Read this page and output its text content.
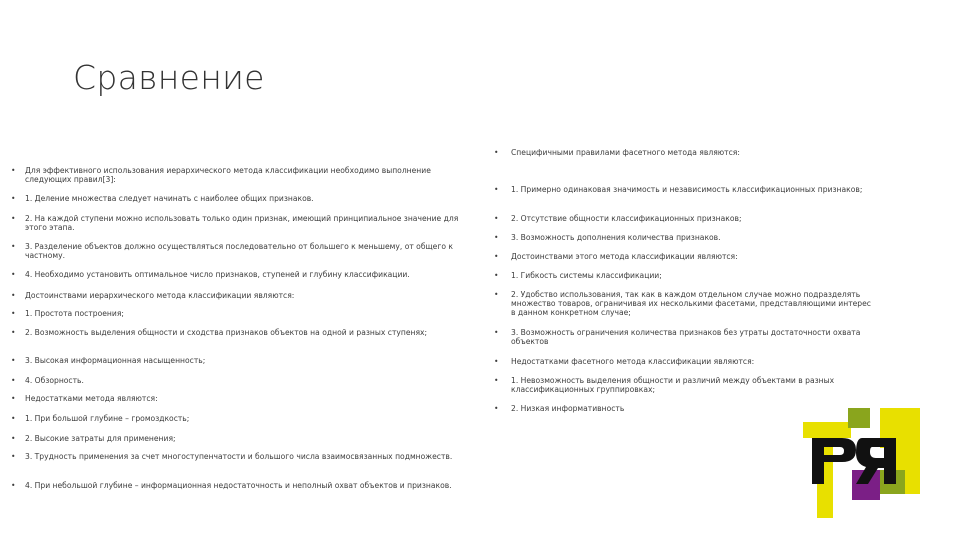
Сравнение
• Для эффективного использования иерархического метода классификации необходимо выполнение следующих правил[3]:
• 1. Деление множества следует начинать с наиболее общих признаков.
• 2. На каждой ступени можно использовать только один признак, имеющий принципиальное значение для этого этапа.
• 3. Разделение объектов должно осуществляться последовательно от большего к меньшему, от общего к частному.
• 4. Необходимо установить оптимальное число признаков, ступеней и глубину классификации.
• Достоинствами иерархического метода классификации являются:
• 1. Простота построения;
• 2. Возможность выделения общности и сходства признаков объектов на одной и разных ступенях;
• 3. Высокая информационная насыщенность;
• 4. Обзорность.
• Недостатками метода являются:
• 1. При большой глубине – громоздкость;
• 2. Высокие затраты для применения;
• 3. Трудность применения за счет многоступенчатости и большого числа взаимосвязанных подмножеств.
• 4. При небольшой глубине – информационная недостаточность и неполный охват объектов и признаков.
• Специфичными правилами фасетного метода являются:
• 1. Примерно одинаковая значимость и независимость классификационных признаков;
• 2. Отсутствие общности классификационных признаков;
• 3. Возможность дополнения количества признаков.
• Достоинствами этого метода классификации являются:
• 1. Гибкость системы классификации;
• 2. Удобство использования, так как в каждом отдельном случае можно подразделять множество товаров, ограничивая их несколькими фасетами, представляющими интерес в данном конкретном случае;
• 3. Возможность ограничения количества признаков без утраты достаточности охвата объектов
• Недостатками фасетного метода классификации являются:
• 1. Невозможность выделения общности и различий между объектами в разных классификационных группировках;
• 2. Низкая информативность
